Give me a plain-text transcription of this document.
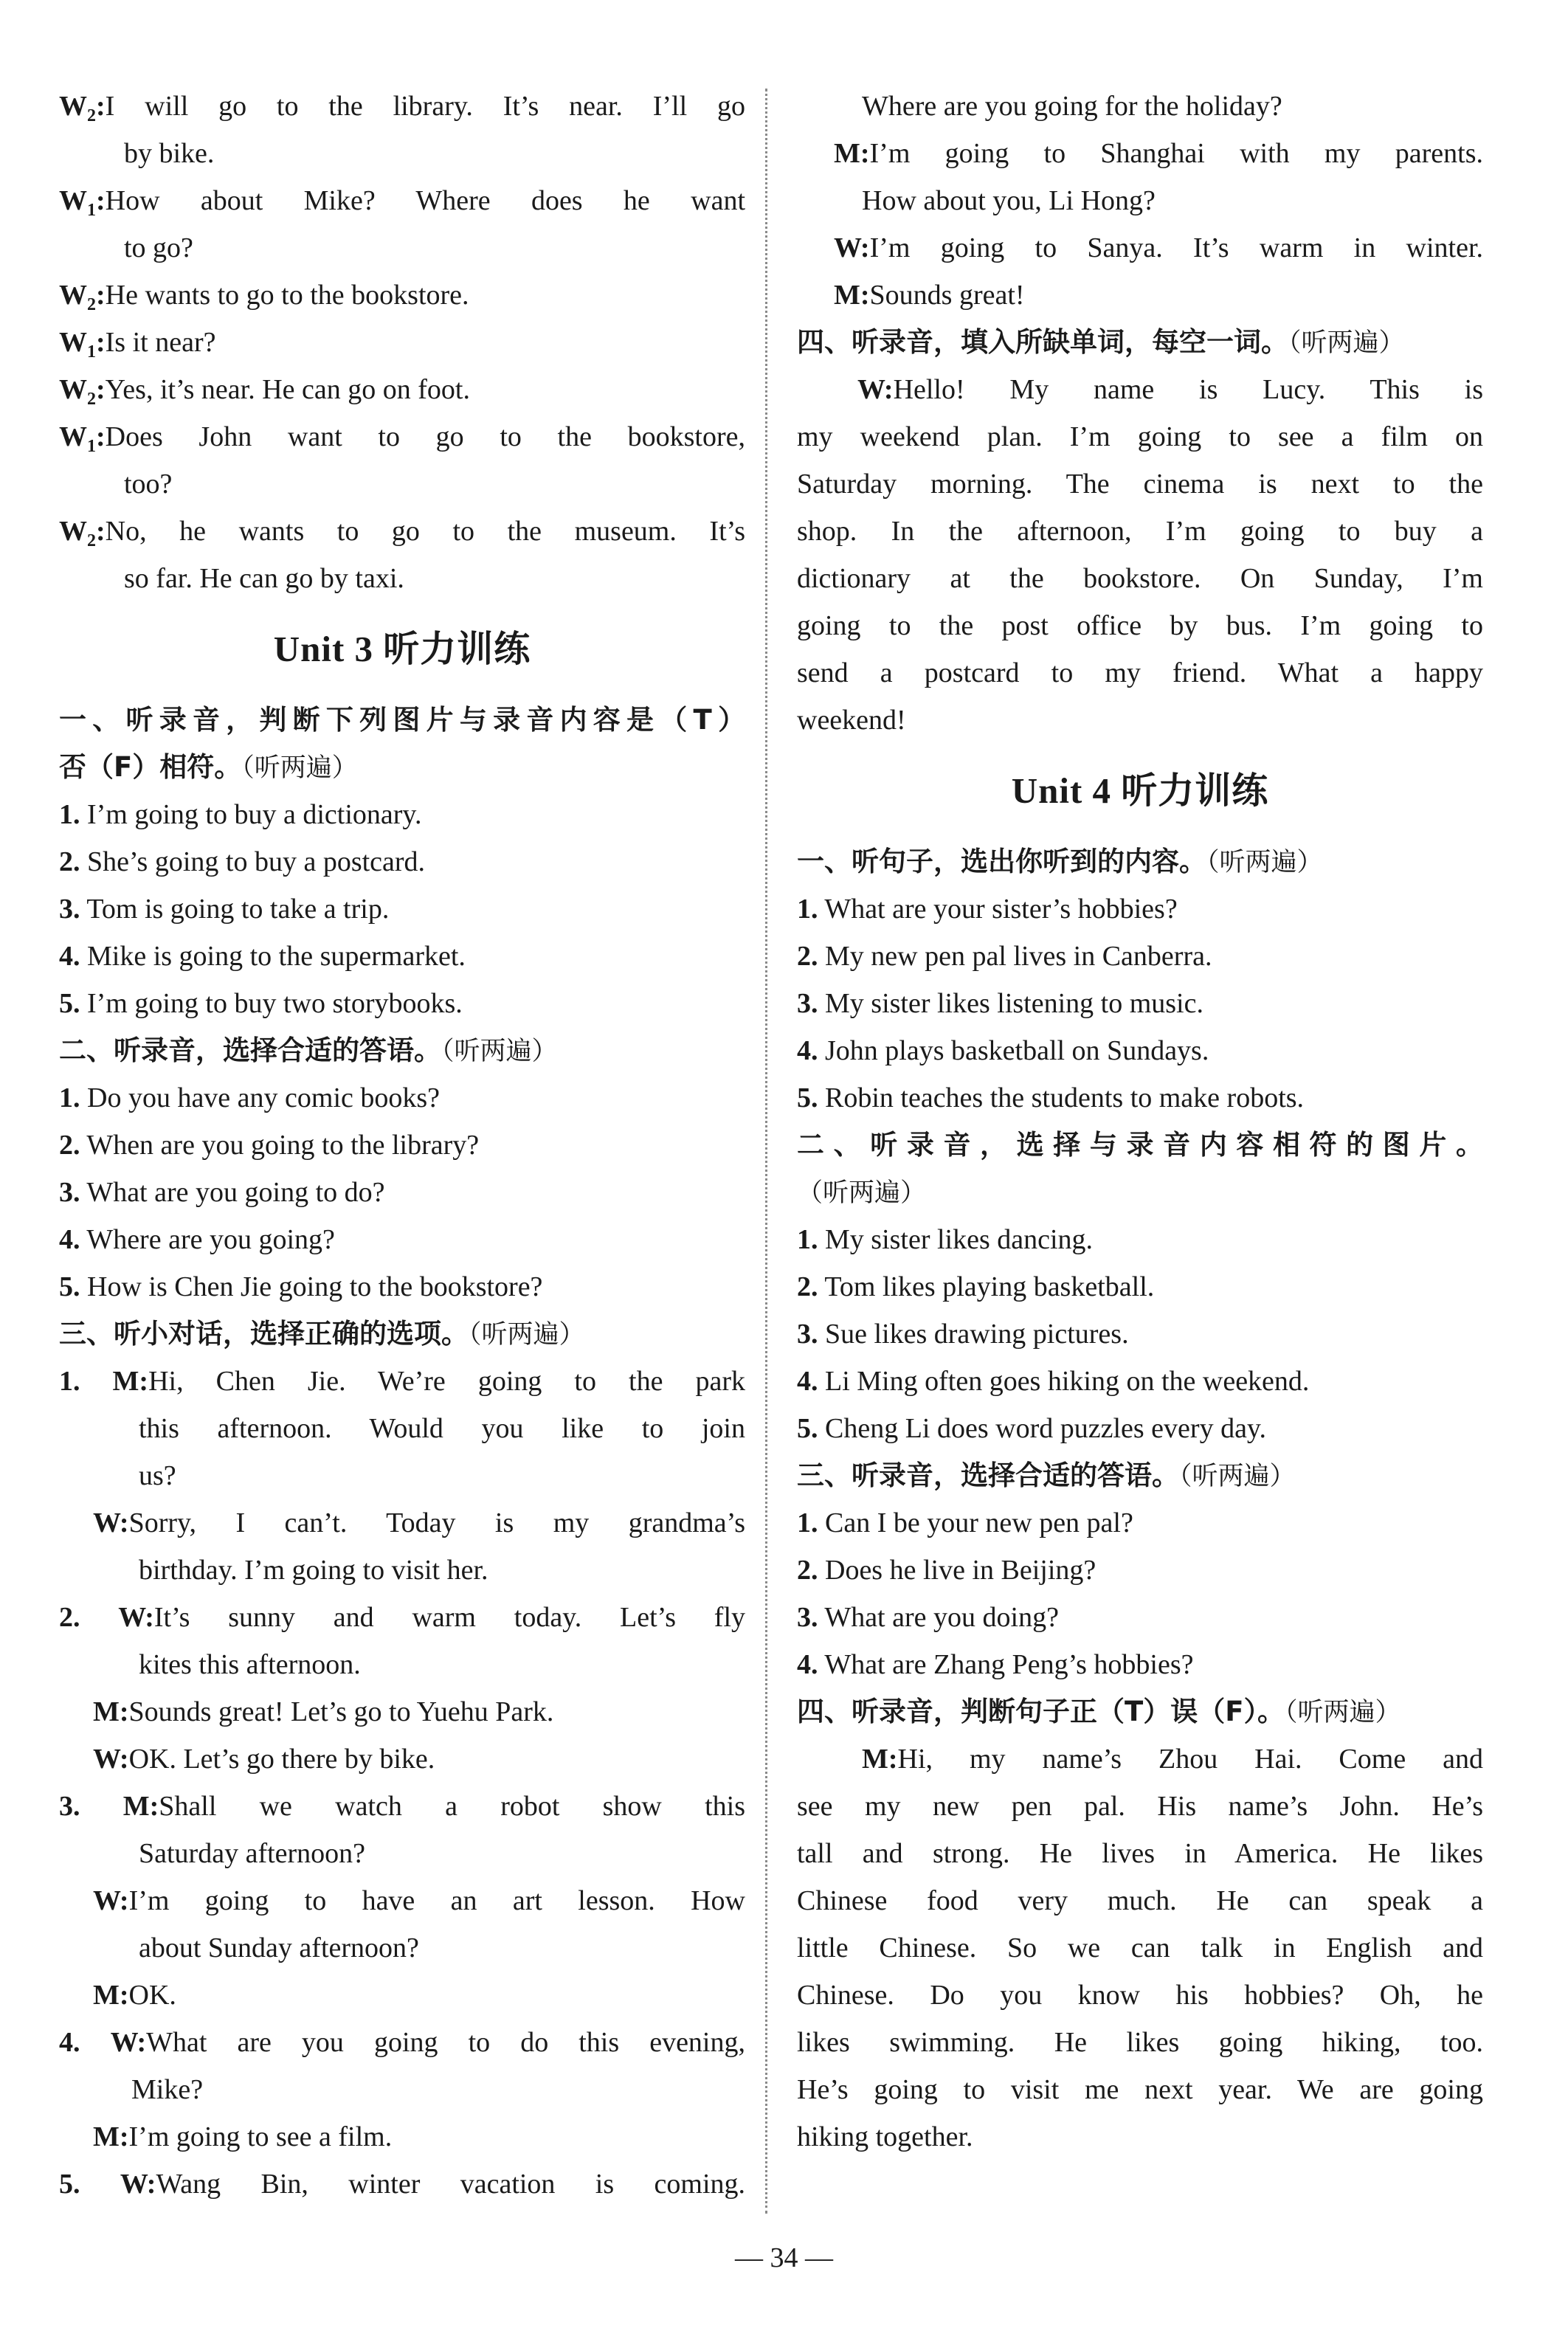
$W_2:I$ will go to the library. It’s near. I’ll go
by bike.
$W_1:How$ about Mike? Where does he want
to go?
$W_2:He$ wants to go to the bookstore.
$W_1:Is$ it near?
$W_2:Yes$, it’s near. He can go on foot.
$W_1:Does$ John want to go to the bookstore,
too?
$W_2:No$, he wants to go to the museum. It’s
so far. He can go by taxi.
Unit 3 听力训练
一、听录音，判断下列图片与录音内容是（T）
否（F）相符。（听两遍）
1. I’m going to buy a dictionary.
2. She’s going to buy a postcard.
3. Tom is going to take a trip.
4. Mike is going to the supermarket.
5. I’m going to buy two storybooks.
二、听录音，选择合适的答语。（听两遍）
1. Do you have any comic books?
2. When are you going to the library?
3. What are you going to do?
4. Where are you going?
5. How is Chen Jie going to the bookstore?
三、听小对话，选择正确的选项。（听两遍）
1. M:Hi, Chen Jie. We’re going to the park
this afternoon. Would you like to join
us?
W:Sorry, I can’t. Today is my grandma’s
birthday. I’m going to visit her.
2. W:It’s sunny and warm today. Let’s fly
kites this afternoon.
M:Sounds great! Let’s go to Yuehu Park.
W:OK. Let’s go there by bike.
3. M:Shall we watch a robot show this
Saturday afternoon?
W:I’m going to have an art lesson. How
about Sunday afternoon?
M:OK.
4. W:What are you going to do this evening,
Mike?
M:I’m going to see a film.
5. W:Wang Bin, winter vacation is coming.
Where are you going for the holiday?
M:I’m going to Shanghai with my parents.
How about you, Li Hong?
W:I’m going to Sanya. It’s warm in winter.
M:Sounds great!
四、听录音，填入所缺单词，每空一词。（听两遍）
W:Hello! My name is Lucy. This is
my weekend plan. I’m going to see a film on
Saturday morning. The cinema is next to the
shop. In the afternoon, I’m going to buy a
dictionary at the bookstore. On Sunday, I’m
going to the post office by bus. I’m going to
send a postcard to my friend. What a happy
weekend!
Unit 4 听力训练
一、听句子，选出你听到的内容。（听两遍）
1. What are your sister’s hobbies?
2. My new pen pal lives in Canberra.
3. My sister likes listening to music.
4. John plays basketball on Sundays.
5. Robin teaches the students to make robots.
二、听录音，选择与录音内容相符的图片。
（听两遍）
1. My sister likes dancing.
2. Tom likes playing basketball.
3. Sue likes drawing pictures.
4. Li Ming often goes hiking on the weekend.
5. Cheng Li does word puzzles every day.
三、听录音，选择合适的答语。（听两遍）
1. Can I be your new pen pal?
2. Does he live in Beijing?
3. What are you doing?
4. What are Zhang Peng’s hobbies?
四、听录音，判断句子正（T）误（F）。（听两遍）
M:Hi, my name’s Zhou Hai. Come and
see my new pen pal. His name’s John. He’s
tall and strong. He lives in America. He likes
Chinese food very much. He can speak a
little Chinese. So we can talk in English and
Chinese. Do you know his hobbies? Oh, he
likes swimming. He likes going hiking, too.
He’s going to visit me next year. We are going
hiking together.
— 34 —
